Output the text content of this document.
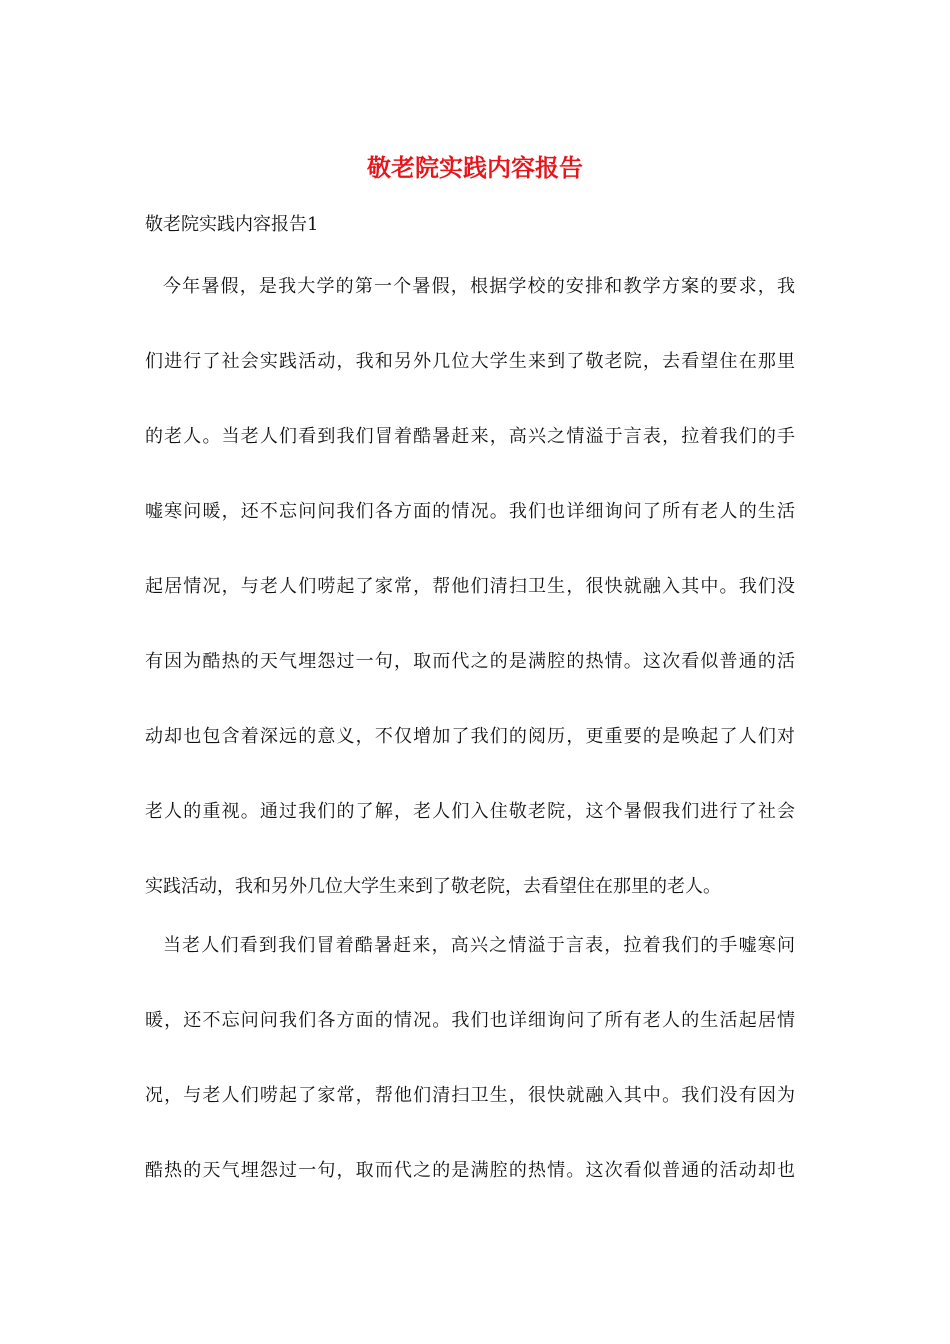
敬老院实践内容报告

敬老院实践内容报告1

今年暑假，是我大学的第一个暑假，根据学校的安排和教学方案的要求，我
们进行了社会实践活动，我和另外几位大学生来到了敬老院，去看望住在那里
的老人。当老人们看到我们冒着酷暑赶来，高兴之情溢于言表，拉着我们的手
嘘寒问暖，还不忘问问我们各方面的情况。我们也详细询问了所有老人的生活
起居情况，与老人们唠起了家常，帮他们清扫卫生，很快就融入其中。我们没
有因为酷热的天气埋怨过一句，取而代之的是满腔的热情。这次看似普通的活
动却也包含着深远的意义，不仅增加了我们的阅历，更重要的是唤起了人们对
老人的重视。通过我们的了解，老人们入住敬老院，这个暑假我们进行了社会
实践活动，我和另外几位大学生来到了敬老院，去看望住在那里的老人。
当老人们看到我们冒着酷暑赶来，高兴之情溢于言表，拉着我们的手嘘寒问
暖，还不忘问问我们各方面的情况。我们也详细询问了所有老人的生活起居情
况，与老人们唠起了家常，帮他们清扫卫生，很快就融入其中。我们没有因为
酷热的天气埋怨过一句，取而代之的是满腔的热情。这次看似普通的活动却也
